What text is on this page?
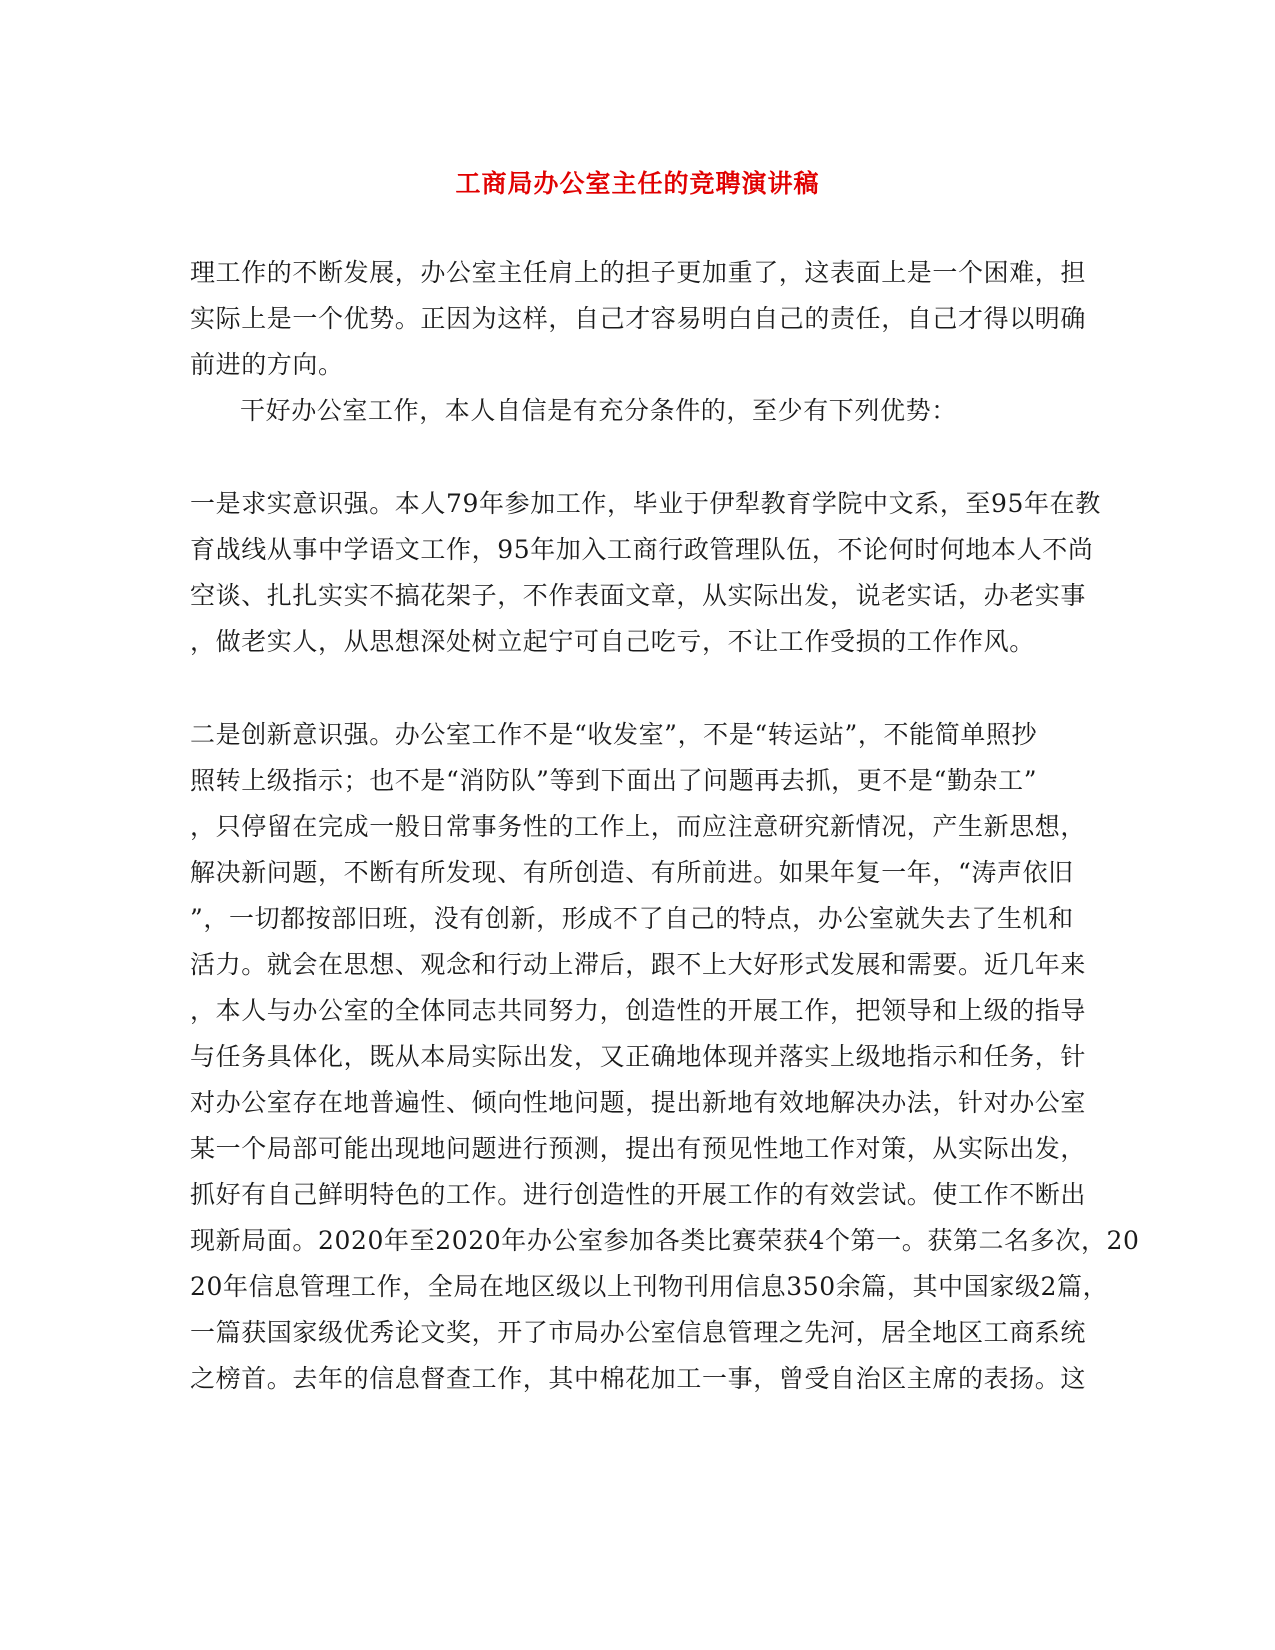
工商局办公室主任的竞聘演讲稿
理工作的不断发展，办公室主任肩上的担子更加重了，这表面上是一个困难，担
实际上是一个优势。正因为这样，自己才容易明白自己的责任，自己才得以明确
前进的方向。
干好办公室工作，本人自信是有充分条件的，至少有下列优势：
一是求实意识强。本人79年参加工作，毕业于伊犁教育学院中文系，至95年在教
育战线从事中学语文工作，95年加入工商行政管理队伍，不论何时何地本人不尚
空谈、扎扎实实不搞花架子，不作表面文章，从实际出发，说老实话，办老实事
，做老实人，从思想深处树立起宁可自己吃亏，不让工作受损的工作作风。
二是创新意识强。办公室工作不是“收发室”，不是“转运站”，不能简单照抄
照转上级指示；也不是“消防队”等到下面出了问题再去抓，更不是“勤杂工”
，只停留在完成一般日常事务性的工作上，而应注意研究新情况，产生新思想，
解决新问题，不断有所发现、有所创造、有所前进。如果年复一年，“涛声依旧
”，一切都按部旧班，没有创新，形成不了自己的特点，办公室就失去了生机和
活力。就会在思想、观念和行动上滞后，跟不上大好形式发展和需要。近几年来
，本人与办公室的全体同志共同努力，创造性的开展工作，把领导和上级的指导
与任务具体化，既从本局实际出发，又正确地体现并落实上级地指示和任务，针
对办公室存在地普遍性、倾向性地问题，提出新地有效地解决办法，针对办公室
某一个局部可能出现地问题进行预测，提出有预见性地工作对策，从实际出发，
抓好有自己鲜明特色的工作。进行创造性的开展工作的有效尝试。使工作不断出
现新局面。2020年至2020年办公室参加各类比赛荣获4个第一。获第二名多次，20
20年信息管理工作，全局在地区级以上刊物刊用信息350余篇，其中国家级2篇，
一篇获国家级优秀论文奖，开了市局办公室信息管理之先河，居全地区工商系统
之榜首。去年的信息督查工作，其中棉花加工一事，曾受自治区主席的表扬。这
